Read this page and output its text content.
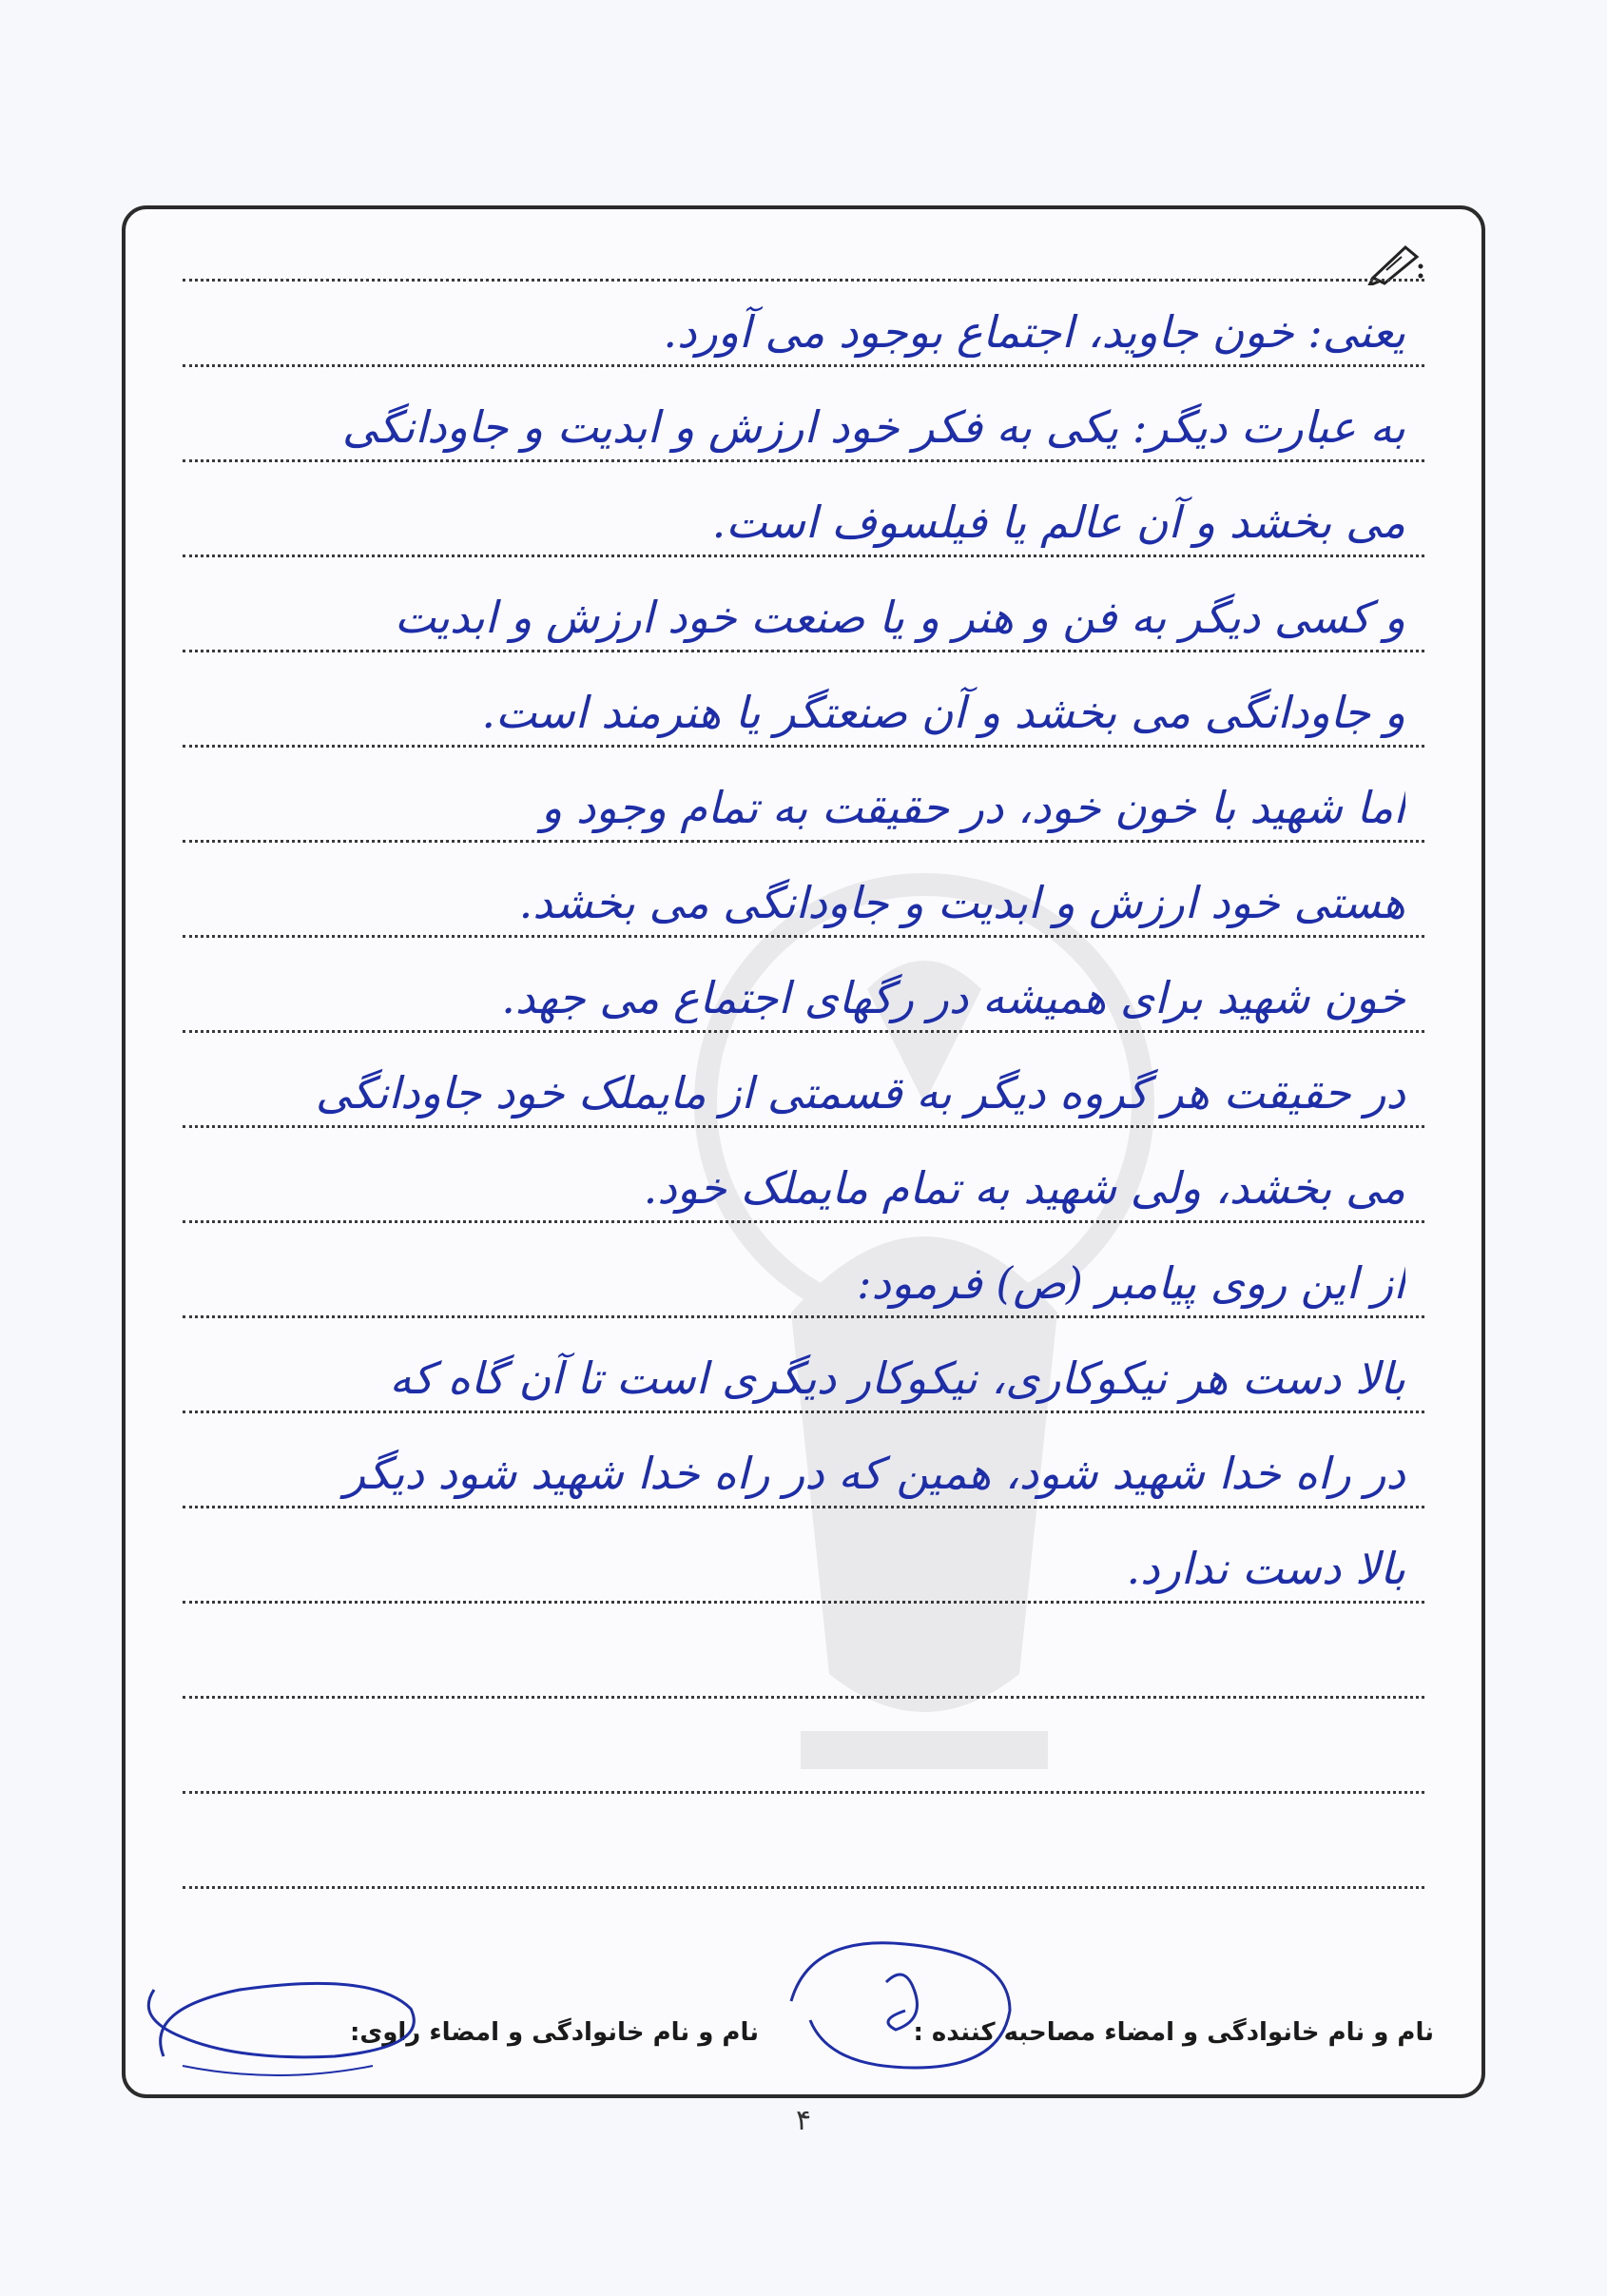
یعنی: خون جاوید، اجتماع بوجود می آورد.
به عبارت دیگر: یکی به فکر خود ارزش و ابدیت و جاودانگی
می بخشد و آن عالم یا فیلسوف است.
و کسی دیگر به فن و هنر و یا صنعت خود ارزش و ابدیت
و جاودانگی می بخشد و آن صنعتگر یا هنرمند است.
اما شهید با خون خود، در حقیقت به تمام وجود و
هستی خود ارزش و ابدیت و جاودانگی می بخشد.
خون شهید برای همیشه در رگهای اجتماع می جهد.
در حقیقت هر گروه دیگر به قسمتی از مایملک خود جاودانگی
می بخشد، ولی شهید به تمام مایملک خود.
از این روی پیامبر (ص) فرمود:
بالا دست هر نیکوکاری، نیکوکار دیگری است تا آن گاه که
در راه خدا شهید شود، همین که در راه خدا شهید شود دیگر
بالا دست ندارد.
نام و نام خانوادگی و امضاء مصاحبه کننده :
نام و نام خانوادگی و امضاء راوی:
۴
